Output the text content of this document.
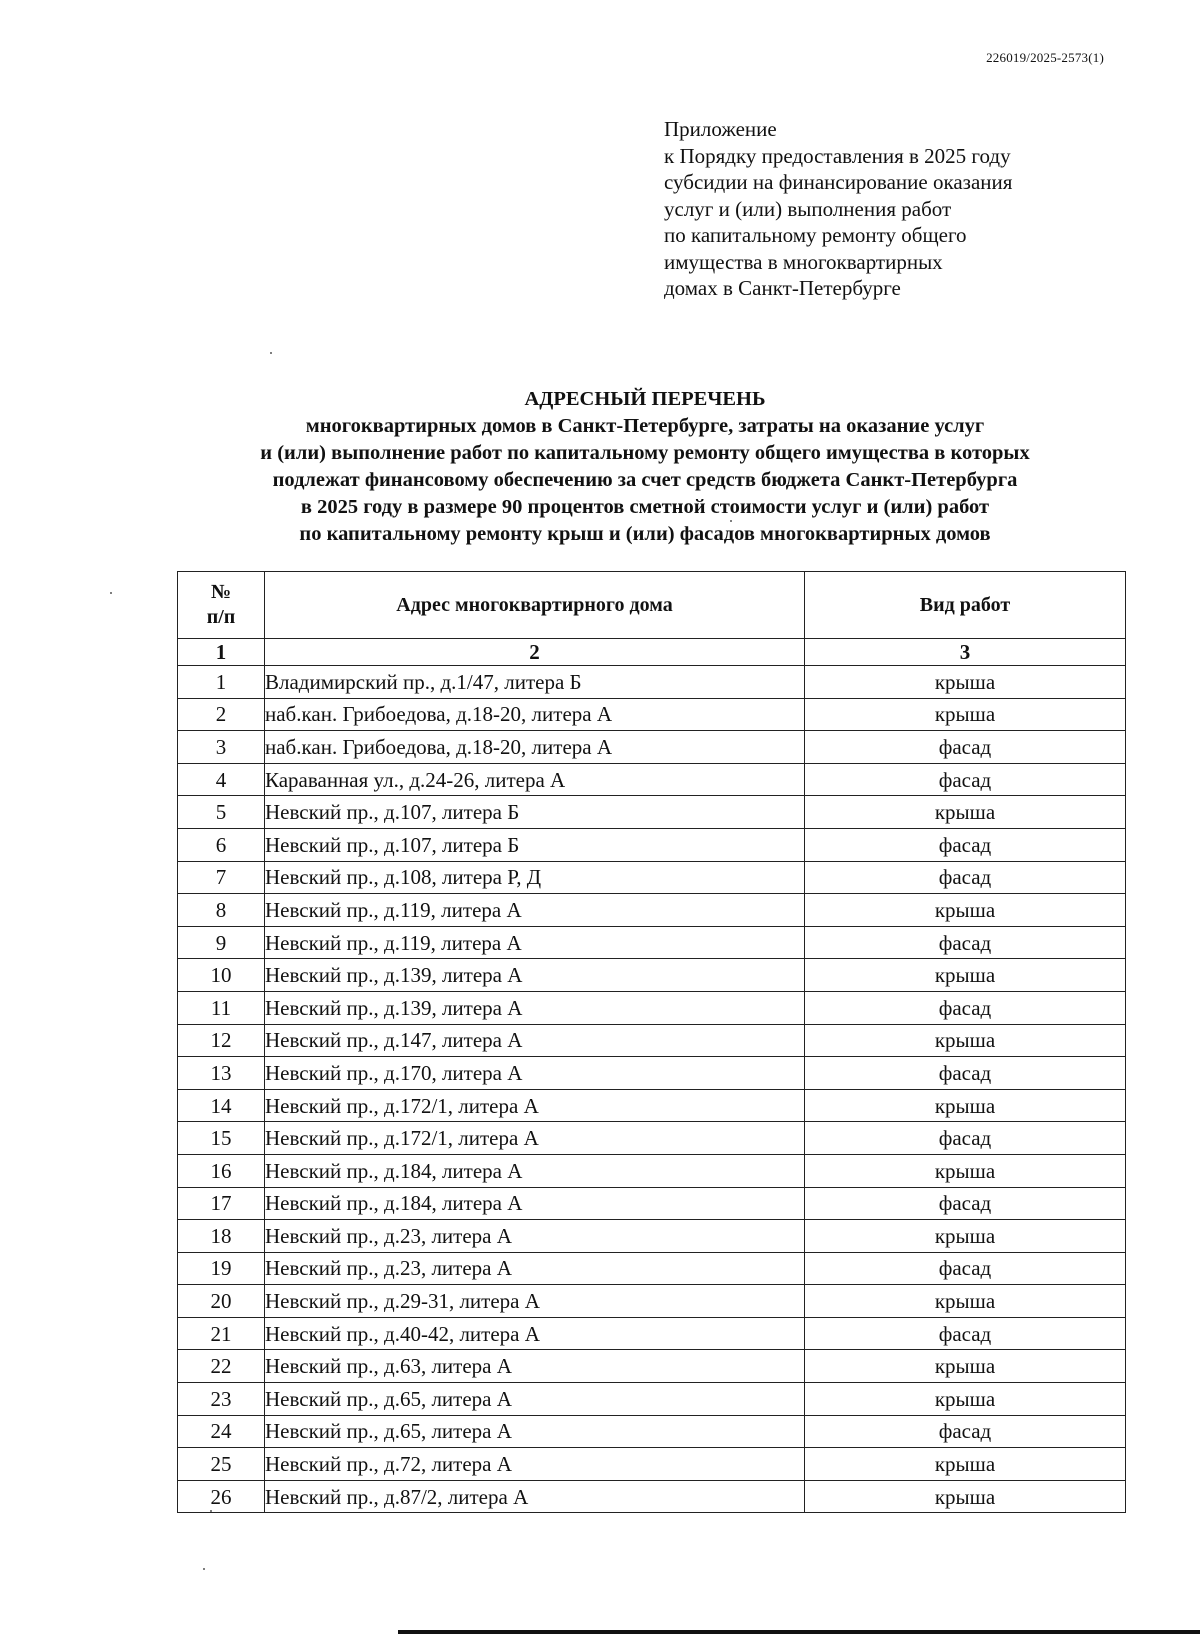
226019/2025-2573(1)
Приложение
к Порядку предоставления в 2025 году
субсидии на финансирование оказания
услуг и (или) выполнения работ
по капитальному ремонту общего
имущества в многоквартирных
домах в Санкт-Петербурге
АДРЕСНЫЙ ПЕРЕЧЕНЬ
многоквартирных домов в Санкт-Петербурге, затраты на оказание услуг
и (или) выполнение работ по капитальному ремонту общего имущества в которых
подлежат финансовому обеспечению за счет средств бюджета Санкт-Петербурга
в 2025 году в размере 90 процентов сметной стоимости услуг и (или) работ
по капитальному ремонту крыш и (или) фасадов многоквартирных домов
№
п/п	Адрес многоквартирного дома	Вид работ
1	2	3
1	Владимирский пр., д.1/47, литера Б	крыша
2	наб.кан. Грибоедова, д.18-20, литера А	крыша
3	наб.кан. Грибоедова, д.18-20, литера А	фасад
4	Караванная ул., д.24-26, литера А	фасад
5	Невский пр., д.107, литера Б	крыша
6	Невский пр., д.107, литера Б	фасад
7	Невский пр., д.108, литера Р, Д	фасад
8	Невский пр., д.119, литера А	крыша
9	Невский пр., д.119, литера А	фасад
10	Невский пр., д.139, литера А	крыша
11	Невский пр., д.139, литера А	фасад
12	Невский пр., д.147, литера А	крыша
13	Невский пр., д.170, литера А	фасад
14	Невский пр., д.172/1, литера А	крыша
15	Невский пр., д.172/1, литера А	фасад
16	Невский пр., д.184, литера А	крыша
17	Невский пр., д.184, литера А	фасад
18	Невский пр., д.23, литера А	крыша
19	Невский пр., д.23, литера А	фасад
20	Невский пр., д.29-31, литера А	крыша
21	Невский пр., д.40-42, литера А	фасад
22	Невский пр., д.63, литера А	крыша
23	Невский пр., д.65, литера А	крыша
24	Невский пр., д.65, литера А	фасад
25	Невский пр., д.72, литера А	крыша
26	Невский пр., д.87/2, литера А	крыша
